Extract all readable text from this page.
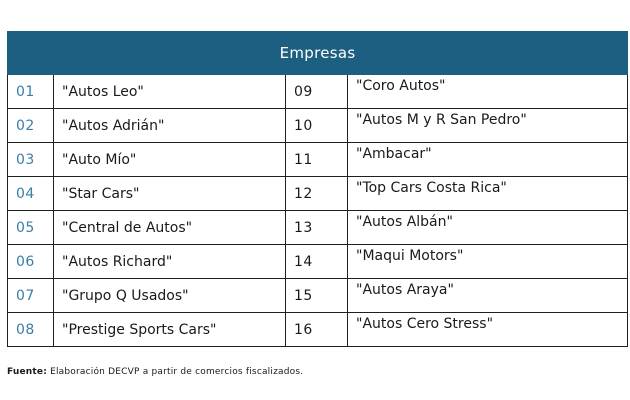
Empresas			
01	"Autos Leo"	09	"Coro Autos"
02	"Autos Adrián"	10	"Autos M y R San Pedro"
03	"Auto Mío"	11	"Ambacar"
04	"Star Cars"	12	"Top Cars Costa Rica"
05	"Central de Autos"	13	"Autos Albán"
06	"Autos Richard"	14	"Maqui Motors"
07	"Grupo Q Usados"	15	"Autos Araya"
08	"Prestige Sports Cars"	16	"Autos Cero Stress"
Fuente: Elaboración DECVP a partir de comercios fiscalizados.
